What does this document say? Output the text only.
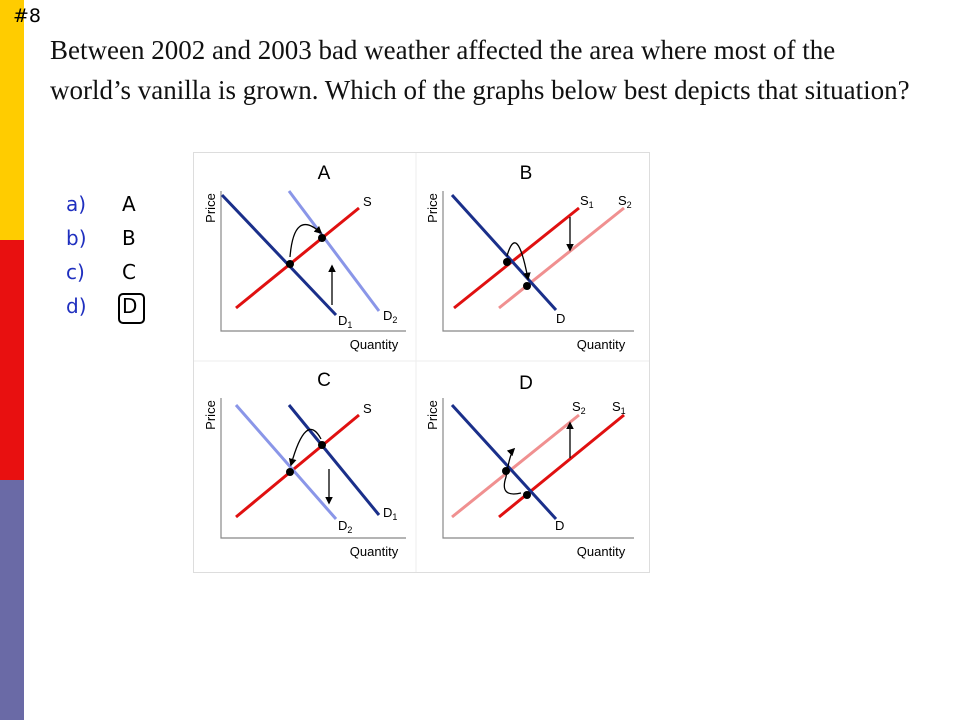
#8
Between 2002 and 2003 bad weather affected the area where most of the world’s vanilla is grown. Which of the graphs below best depicts that situation?
a) A
b) B
c) C
d) D
A
Price
Quantity
S
$D_1$
$D_2$
B
Price
Quantity
$S_1$ $S_2$
D
C
Price
Quantity
S
$D_1$
$D_2$
D
Price
Quantity
$S_2$ $S_1$
D
